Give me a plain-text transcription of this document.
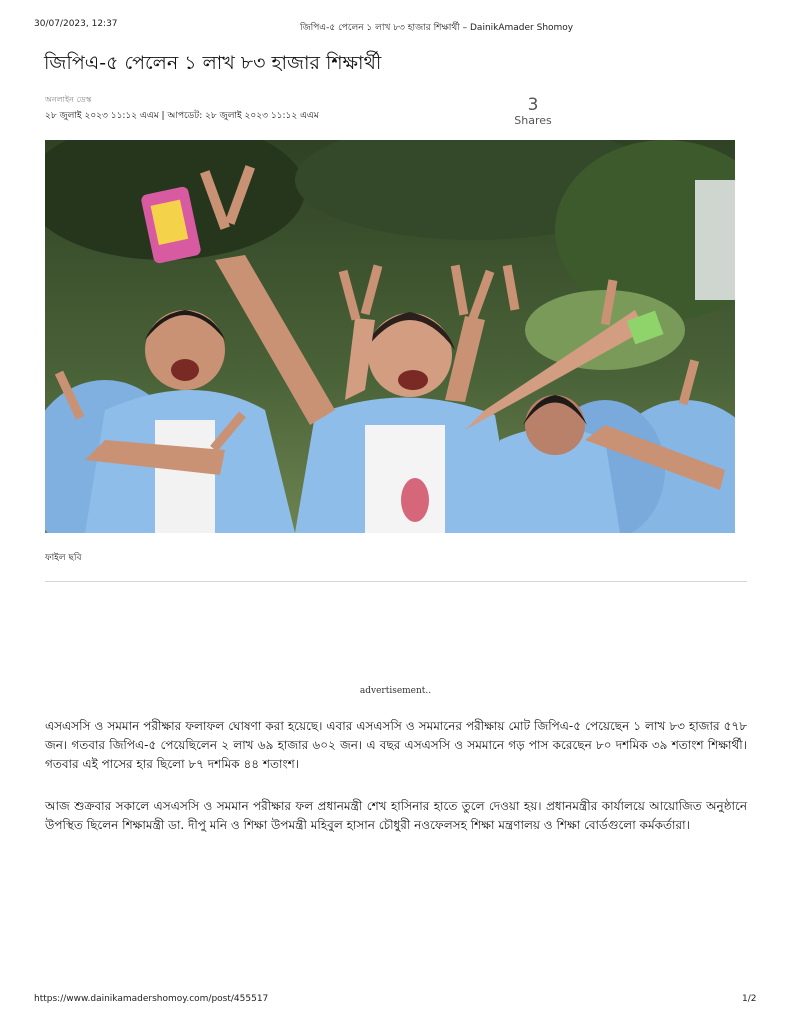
30/07/2023, 12:37	জিপিএ-৫ পেলেন ১ লাখ ৮৩ হাজার শিক্ষার্থী – DainikAmader Shomoy
জিপিএ-৫ পেলেন ১ লাখ ৮৩ হাজার শিক্ষার্থী
অনলাইন ডেস্ক
২৮ জুলাই ২০২৩ ১১:১২ এএম | আপডেট: ২৮ জুলাই ২০২৩ ১১:১২ এএম
3
Shares
ফাইল ছবি
advertisement..

এসএসসি ও সমমান পরীক্ষার ফলাফল ঘোষণা করা হয়েছে। এবার এসএসসি ও সমমানের পরীক্ষায় মোট জিপিএ-৫ পেয়েছেন ১ লাখ ৮৩ হাজার ৫৭৮ জন। গতবার জিপিএ-৫ পেয়েছিলেন ২ লাখ ৬৯ হাজার ৬০২ জন। এ বছর এসএসসি ও সমমানে গড় পাস করেছেন ৮০ দশমিক ৩৯ শতাংশ শিক্ষার্থী। গতবার এই পাসের হার ছিলো ৮৭ দশমিক ৪৪ শতাংশ।

আজ শুক্রবার সকালে এসএসসি ও সমমান পরীক্ষার ফল প্রধানমন্ত্রী শেখ হাসিনার হাতে তুলে দেওয়া হয়। প্রধানমন্ত্রীর কার্যালয়ে আয়োজিত অনুষ্ঠানে উপস্থিত ছিলেন শিক্ষামন্ত্রী ডা. দীপু মনি ও শিক্ষা উপমন্ত্রী মহিবুল হাসান চৌধুরী নওফেলসহ শিক্ষা মন্ত্রণালয় ও শিক্ষা বোর্ডগুলো কর্মকর্তারা।

https://www.dainikamadershomoy.com/post/455517	1/2
